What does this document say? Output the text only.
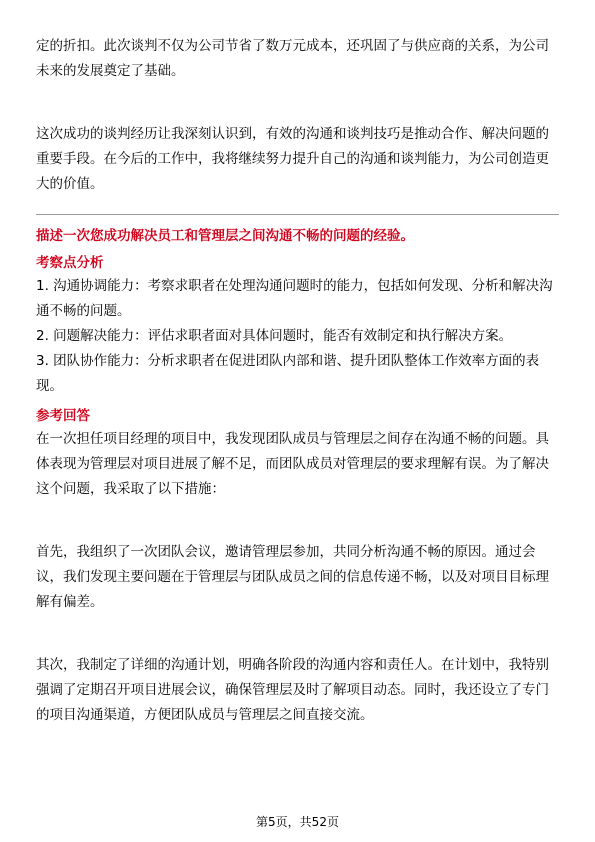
定的折扣。此次谈判不仅为公司节省了数万元成本，还巩固了与供应商的关系，为公司未来的发展奠定了基础。

这次成功的谈判经历让我深刻认识到，有效的沟通和谈判技巧是推动合作、解决问题的重要手段。在今后的工作中，我将继续努力提升自己的沟通和谈判能力，为公司创造更大的价值。

描述一次您成功解决员工和管理层之间沟通不畅的问题的经验。

考察点分析

1. 沟通协调能力：考察求职者在处理沟通问题时的能力，包括如何发现、分析和解决沟通不畅的问题。

2. 问题解决能力：评估求职者面对具体问题时，能否有效制定和执行解决方案。

3. 团队协作能力：分析求职者在促进团队内部和谐、提升团队整体工作效率方面的表现。

参考回答

在一次担任项目经理的项目中，我发现团队成员与管理层之间存在沟通不畅的问题。具体表现为管理层对项目进展了解不足，而团队成员对管理层的要求理解有误。为了解决这个问题，我采取了以下措施：

首先，我组织了一次团队会议，邀请管理层参加，共同分析沟通不畅的原因。通过会议，我们发现主要问题在于管理层与团队成员之间的信息传递不畅，以及对项目目标理解有偏差。

其次，我制定了详细的沟通计划，明确各阶段的沟通内容和责任人。在计划中，我特别强调了定期召开项目进展会议，确保管理层及时了解项目动态。同时，我还设立了专门的项目沟通渠道，方便团队成员与管理层之间直接交流。

第5页，共52页
